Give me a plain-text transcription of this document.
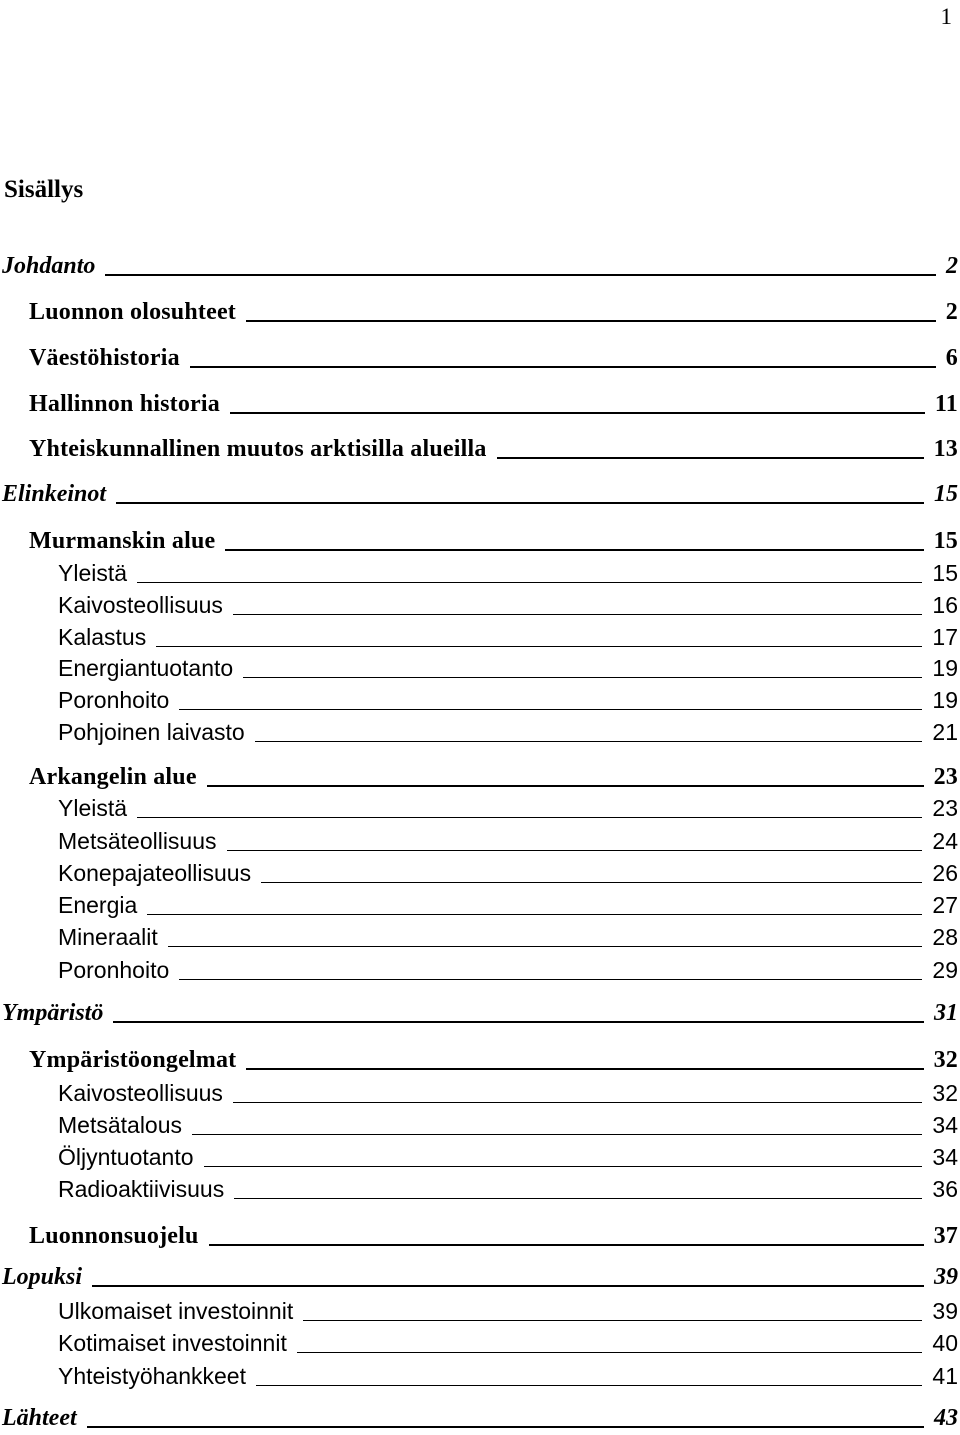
1
Sisällys
Johdanto	2
Luonnon olosuhteet	2
Väestöhistoria	6
Hallinnon historia	11
Yhteiskunnallinen muutos arktisilla alueilla	13
Elinkeinot	15
Murmanskin alue	15
Yleistä	15
Kaivosteollisuus	16
Kalastus	17
Energiantuotanto	19
Poronhoito	19
Pohjoinen laivasto	21
Arkangelin alue	23
Yleistä	23
Metsäteollisuus	24
Konepajateollisuus	26
Energia	27
Mineraalit	28
Poronhoito	29
Ympäristö	31
Ympäristöongelmat	32
Kaivosteollisuus	32
Metsätalous	34
Öljyntuotanto	34
Radioaktiivisuus	36
Luonnonsuojelu	37
Lopuksi	39
Ulkomaiset investoinnit	39
Kotimaiset investoinnit	40
Yhteistyöhankkeet	41
Lähteet	43
